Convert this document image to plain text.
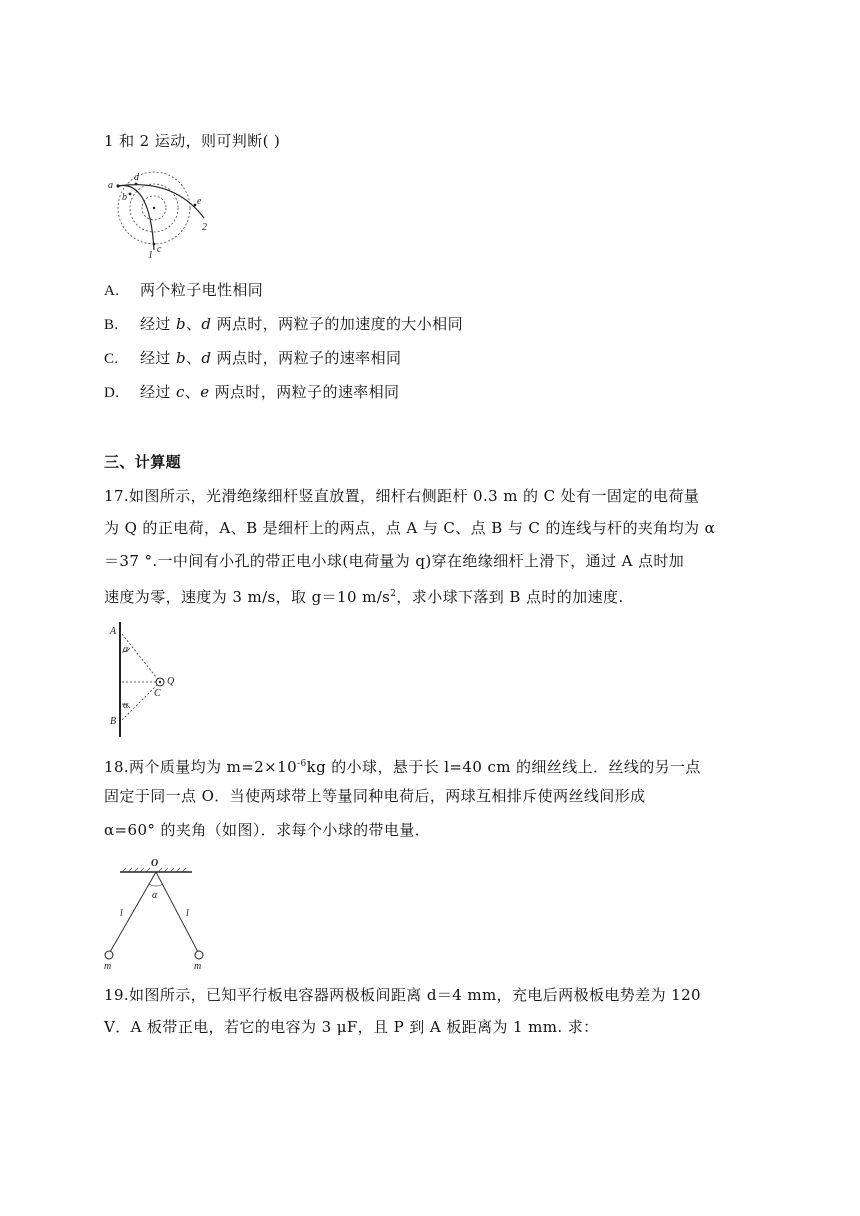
1 和 2 运动，则可判断( )
a
b
d
c
1
e
2
A. 两个粒子电性相同
B. 经过 b、d 两点时，两粒子的加速度的大小相同
C. 经过 b、d 两点时，两粒子的速率相同
D. 经过 c、e 两点时，两粒子的速率相同
三、计算题
17.如图所示，光滑绝缘细杆竖直放置，细杆右侧距杆 0.3 m 的 C 处有一固定的电荷量
为 Q 的正电荷，A、B 是细杆上的两点，点 A 与 C、点 B 与 C 的连线与杆的夹角均为 α
＝37 °.一中间有小孔的带正电小球(电荷量为 q)穿在绝缘细杆上滑下，通过 A 点时加
速度为零，速度为 3 m/s，取 g＝10 $m/s^2$，求小球下落到 B 点时的加速度.
A
α
Q
C
α
B
18.两个质量均为 $m=2\times 10^{-6}kg$ 的小球，悬于长 l=40 cm 的细丝线上．丝线的另一点
固定于同一点 O．当使两球带上等量同种电荷后，两球互相排斥使两丝线间形成
α=60° 的夹角（如图）．求每个小球的带电量．
O
α
l	l
m	m
19.如图所示，已知平行板电容器两极板间距离 d＝4 mm，充电后两极板电势差为 120
V．A 板带正电，若它的电容为 3 μF，且 P 到 A 板距离为 1 mm. 求：
